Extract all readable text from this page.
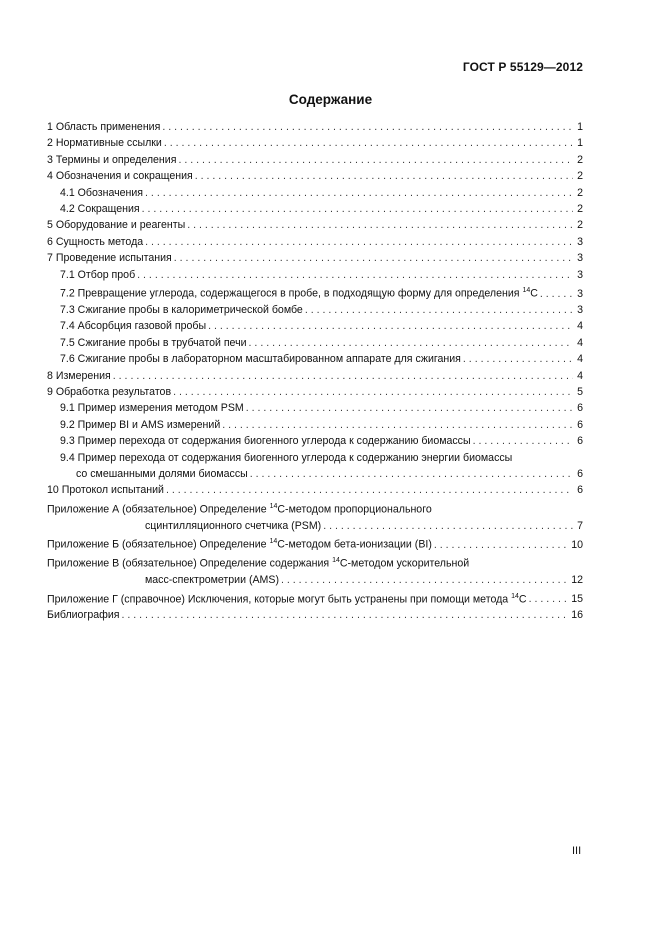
ГОСТ Р 55129—2012
Содержание
1 Область применения . . .	1
2 Нормативные ссылки . . .	1
3 Термины и определения . . .	2
4 Обозначения и сокращения . . .	2
4.1 Обозначения . . .	2
4.2 Сокращения . . .	2
5 Оборудование и реагенты . . .	2
6 Сущность метода . . .	3
7 Проведение испытания . . .	3
7.1 Отбор проб . . .	3
7.2 Превращение углерода, содержащегося в пробе, в подходящую форму для определения $^{14}$C . . .	3
7.3 Сжигание пробы в калориметрической бомбе . . .	3
7.4 Абсорбция газовой пробы . . .	4
7.5 Сжигание пробы в трубчатой печи . . .	4
7.6 Сжигание пробы в лабораторном масштабированном аппарате для сжигания . . .	4
8 Измерения . . .	4
9 Обработка результатов . . .	5
9.1 Пример измерения методом PSM . . .	6
9.2 Пример BI и AMS измерений . . .	6
9.3 Пример перехода от содержания биогенного углерода к содержанию биомассы . . .	6
9.4 Пример перехода от содержания биогенного углерода к содержанию энергии биомассы
со смешанными долями биомассы . . .	6
10 Протокол испытаний . . .	6
Приложение А (обязательное) Определение $^{14}$С-методом пропорционального
сцинтилляционного счетчика (PSM) . . .	7
Приложение Б (обязательное) Определение $^{14}$С-методом бета-ионизации (BI) . . .	10
Приложение В (обязательное) Определение содержания $^{14}$С-методом ускорительной
масс-спектрометрии (AMS) . . .	12
Приложение Г (справочное) Исключения, которые могут быть устранены при помощи метода $^{14}$С . . .	15
Библиография . . .	16
III
